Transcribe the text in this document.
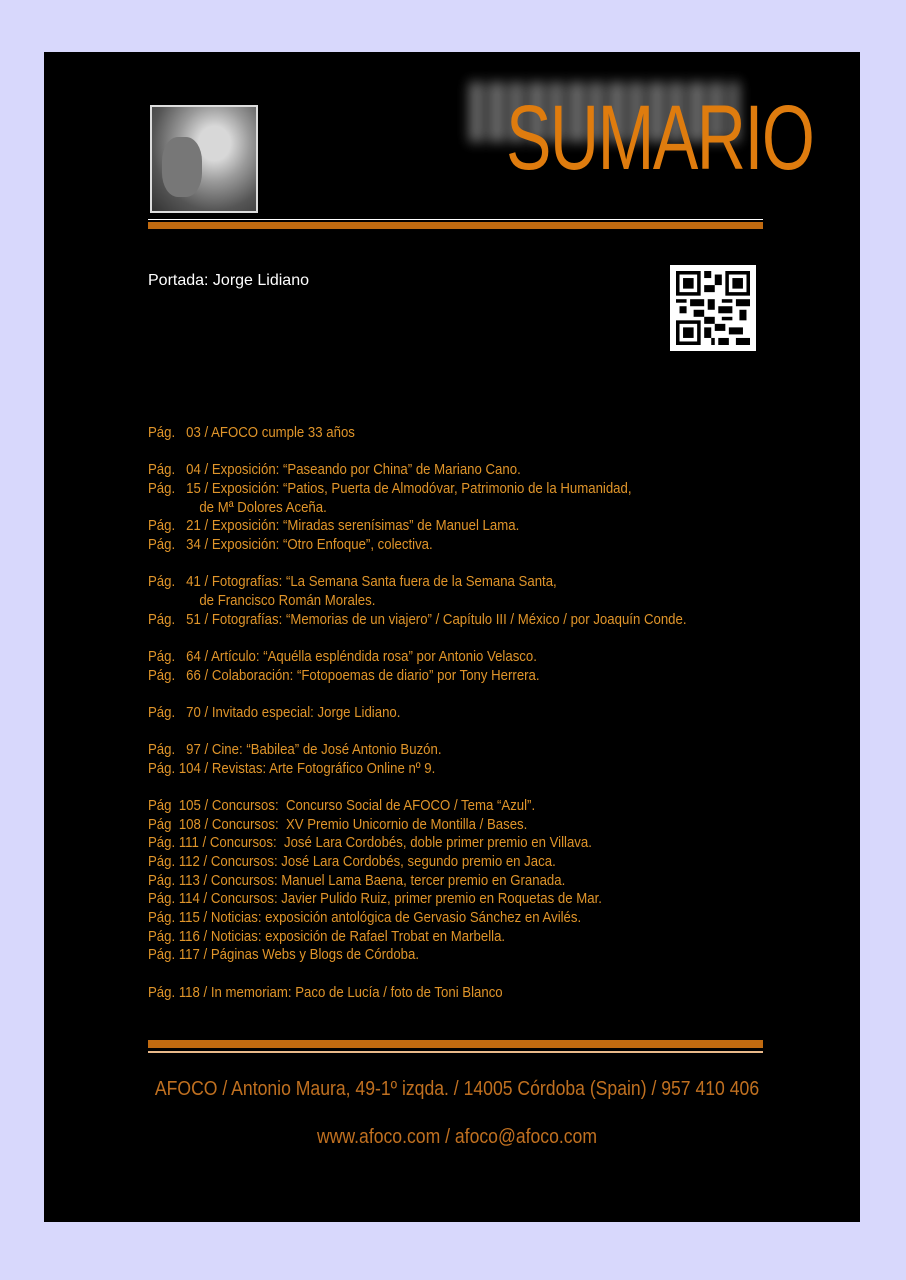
SUMARIO
Portada: Jorge Lidiano
Pág.   03 / AFOCO cumple 33 años
Pág.   04 / Exposición: “Paseando por China” de Mariano Cano.
Pág.   15 / Exposición: “Patios, Puerta de Almodóvar, Patrimonio de la Humanidad,
de Mª Dolores Aceña.
Pág.   21 / Exposición: “Miradas serenísimas” de Manuel Lama.
Pág.   34 / Exposición: “Otro Enfoque”, colectiva.
Pág.   41 / Fotografías: “La Semana Santa fuera de la Semana Santa,
de Francisco Román Morales.
Pág.   51 / Fotografías: “Memorias de un viajero” / Capítulo III / México / por Joaquín Conde.
Pág.   64 / Artículo: “Aquélla espléndida rosa” por Antonio Velasco.
Pág.   66 / Colaboración: “Fotopoemas de diario” por Tony Herrera.
Pág.   70 / Invitado especial: Jorge Lidiano.
Pág.   97 / Cine: “Babilea” de José Antonio Buzón.
Pág. 104 / Revistas: Arte Fotográfico Online nº 9.
Pág  105 / Concursos:  Concurso Social de AFOCO / Tema “Azul”.
Pág  108 / Concursos:  XV Premio Unicornio de Montilla / Bases.
Pág. 111 / Concursos:  José Lara Cordobés, doble primer premio en Villava.
Pág. 112 / Concursos: José Lara Cordobés, segundo premio en Jaca.
Pág. 113 / Concursos: Manuel Lama Baena, tercer premio en Granada.
Pág. 114 / Concursos: Javier Pulido Ruiz, primer premio en Roquetas de Mar.
Pág. 115 / Noticias: exposición antológica de Gervasio Sánchez en Avilés.
Pág. 116 / Noticias: exposición de Rafael Trobat en Marbella.
Pág. 117 / Páginas Webs y Blogs de Córdoba.
Pág. 118 / In memoriam: Paco de Lucía / foto de Toni Blanco
AFOCO / Antonio Maura, 49-1º izqda. / 14005 Córdoba (Spain) / 957 410 406
www.afoco.com / afoco@afoco.com
